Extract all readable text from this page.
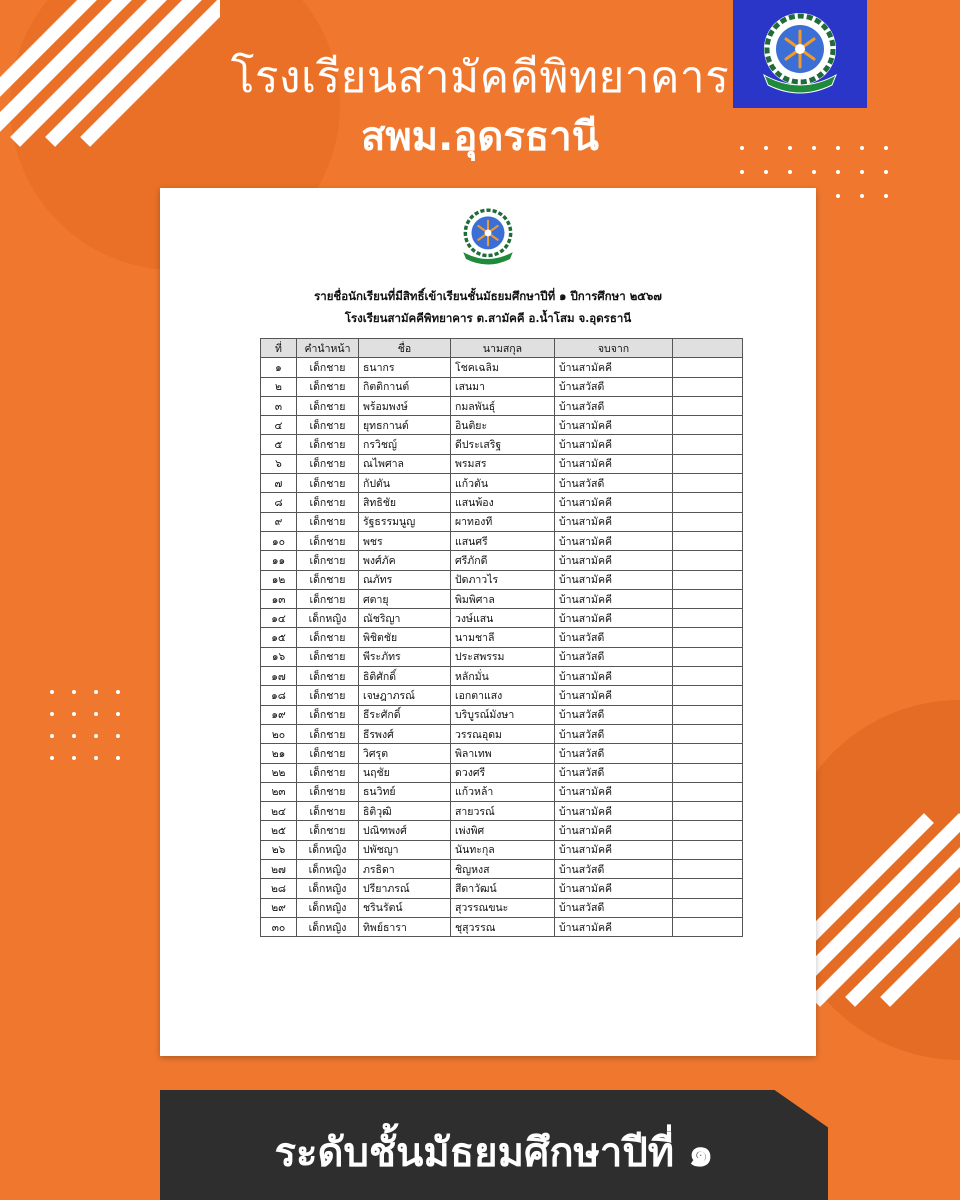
โรงเรียนสามัคคีพิทยาคาร
สพม.อุดรธานี
รายชื่อนักเรียนที่มีสิทธิ์เข้าเรียนชั้นมัธยมศึกษาปีที่ ๑ ปีการศึกษา ๒๕๖๗
โรงเรียนสามัคคีพิทยาคาร ต.สามัคคี อ.น้ำโสม จ.อุดรธานี
ที่	คำนำหน้า	ชื่อ	นามสกุล	จบจาก	
๑	เด็กชาย	ธนากร	โชคเฉลิม	บ้านสามัคคี	
๒	เด็กชาย	กิตติกานต์	เสนมา	บ้านสวัสดี	
๓	เด็กชาย	พร้อมพงษ์	กมลพันธุ์	บ้านสวัสดี	
๔	เด็กชาย	ยุทธกานต์	อินติยะ	บ้านสามัคคี	
๕	เด็กชาย	กรวิชญ์	ดีประเสริฐ	บ้านสามัคคี	
๖	เด็กชาย	ณไพศาล	พรมสร	บ้านสามัคคี	
๗	เด็กชาย	กัปตัน	แก้วตัน	บ้านสวัสดี	
๘	เด็กชาย	สิทธิชัย	แสนพ้อง	บ้านสามัคคี	
๙	เด็กชาย	รัฐธรรมนูญ	ผาทองที	บ้านสามัคคี	
๑๐	เด็กชาย	พชร	แสนศรี	บ้านสามัคคี	
๑๑	เด็กชาย	พงศ์ภัค	ศรีภักดี	บ้านสามัคคี	
๑๒	เด็กชาย	ณภัทร	ปัดภาวไร	บ้านสามัคคี	
๑๓	เด็กชาย	ศตายุ	พิมพิศาล	บ้านสามัคคี	
๑๔	เด็กหญิง	ณัชริญา	วงษ์แสน	บ้านสามัคคี	
๑๕	เด็กชาย	พิชิตชัย	นามชาลี	บ้านสวัสดี	
๑๖	เด็กชาย	พีระภัทร	ประสพรรม	บ้านสวัสดี	
๑๗	เด็กชาย	ธิติศักดิ์	หลักมั่น	บ้านสามัคคี	
๑๘	เด็กชาย	เจษฎาภรณ์	เอกตาแสง	บ้านสามัคคี	
๑๙	เด็กชาย	ธีระศักดิ์	บริบูรณ์มังษา	บ้านสวัสดี	
๒๐	เด็กชาย	ธีรพงศ์	วรรณอุดม	บ้านสวัสดี	
๒๑	เด็กชาย	วิศรุต	พิลาเทพ	บ้านสวัสดี	
๒๒	เด็กชาย	นฤชัย	ดวงศรี	บ้านสวัสดี	
๒๓	เด็กชาย	ธนวิทย์	แก้วหล้า	บ้านสามัคคี	
๒๔	เด็กชาย	ธิติวุฒิ	สายวรณ์	บ้านสามัคคี	
๒๕	เด็กชาย	ปณิฑพงศ์	เพ่งพิศ	บ้านสามัคคี	
๒๖	เด็กหญิง	ปพัชญา	นันทะกุล	บ้านสามัคคี	
๒๗	เด็กหญิง	ภรธิดา	ชิญหงส	บ้านสวัสดี	
๒๘	เด็กหญิง	ปรียาภรณ์	สีดาวัฒน์	บ้านสามัคคี	
๒๙	เด็กหญิง	ชรินรัตน์	สุวรรณขนะ	บ้านสวัสดี	
๓๐	เด็กหญิง	ทิพย์ธารา	ชุสุวรรณ	บ้านสามัคคี	
ระดับชั้นมัธยมศึกษาปีที่ ๑
